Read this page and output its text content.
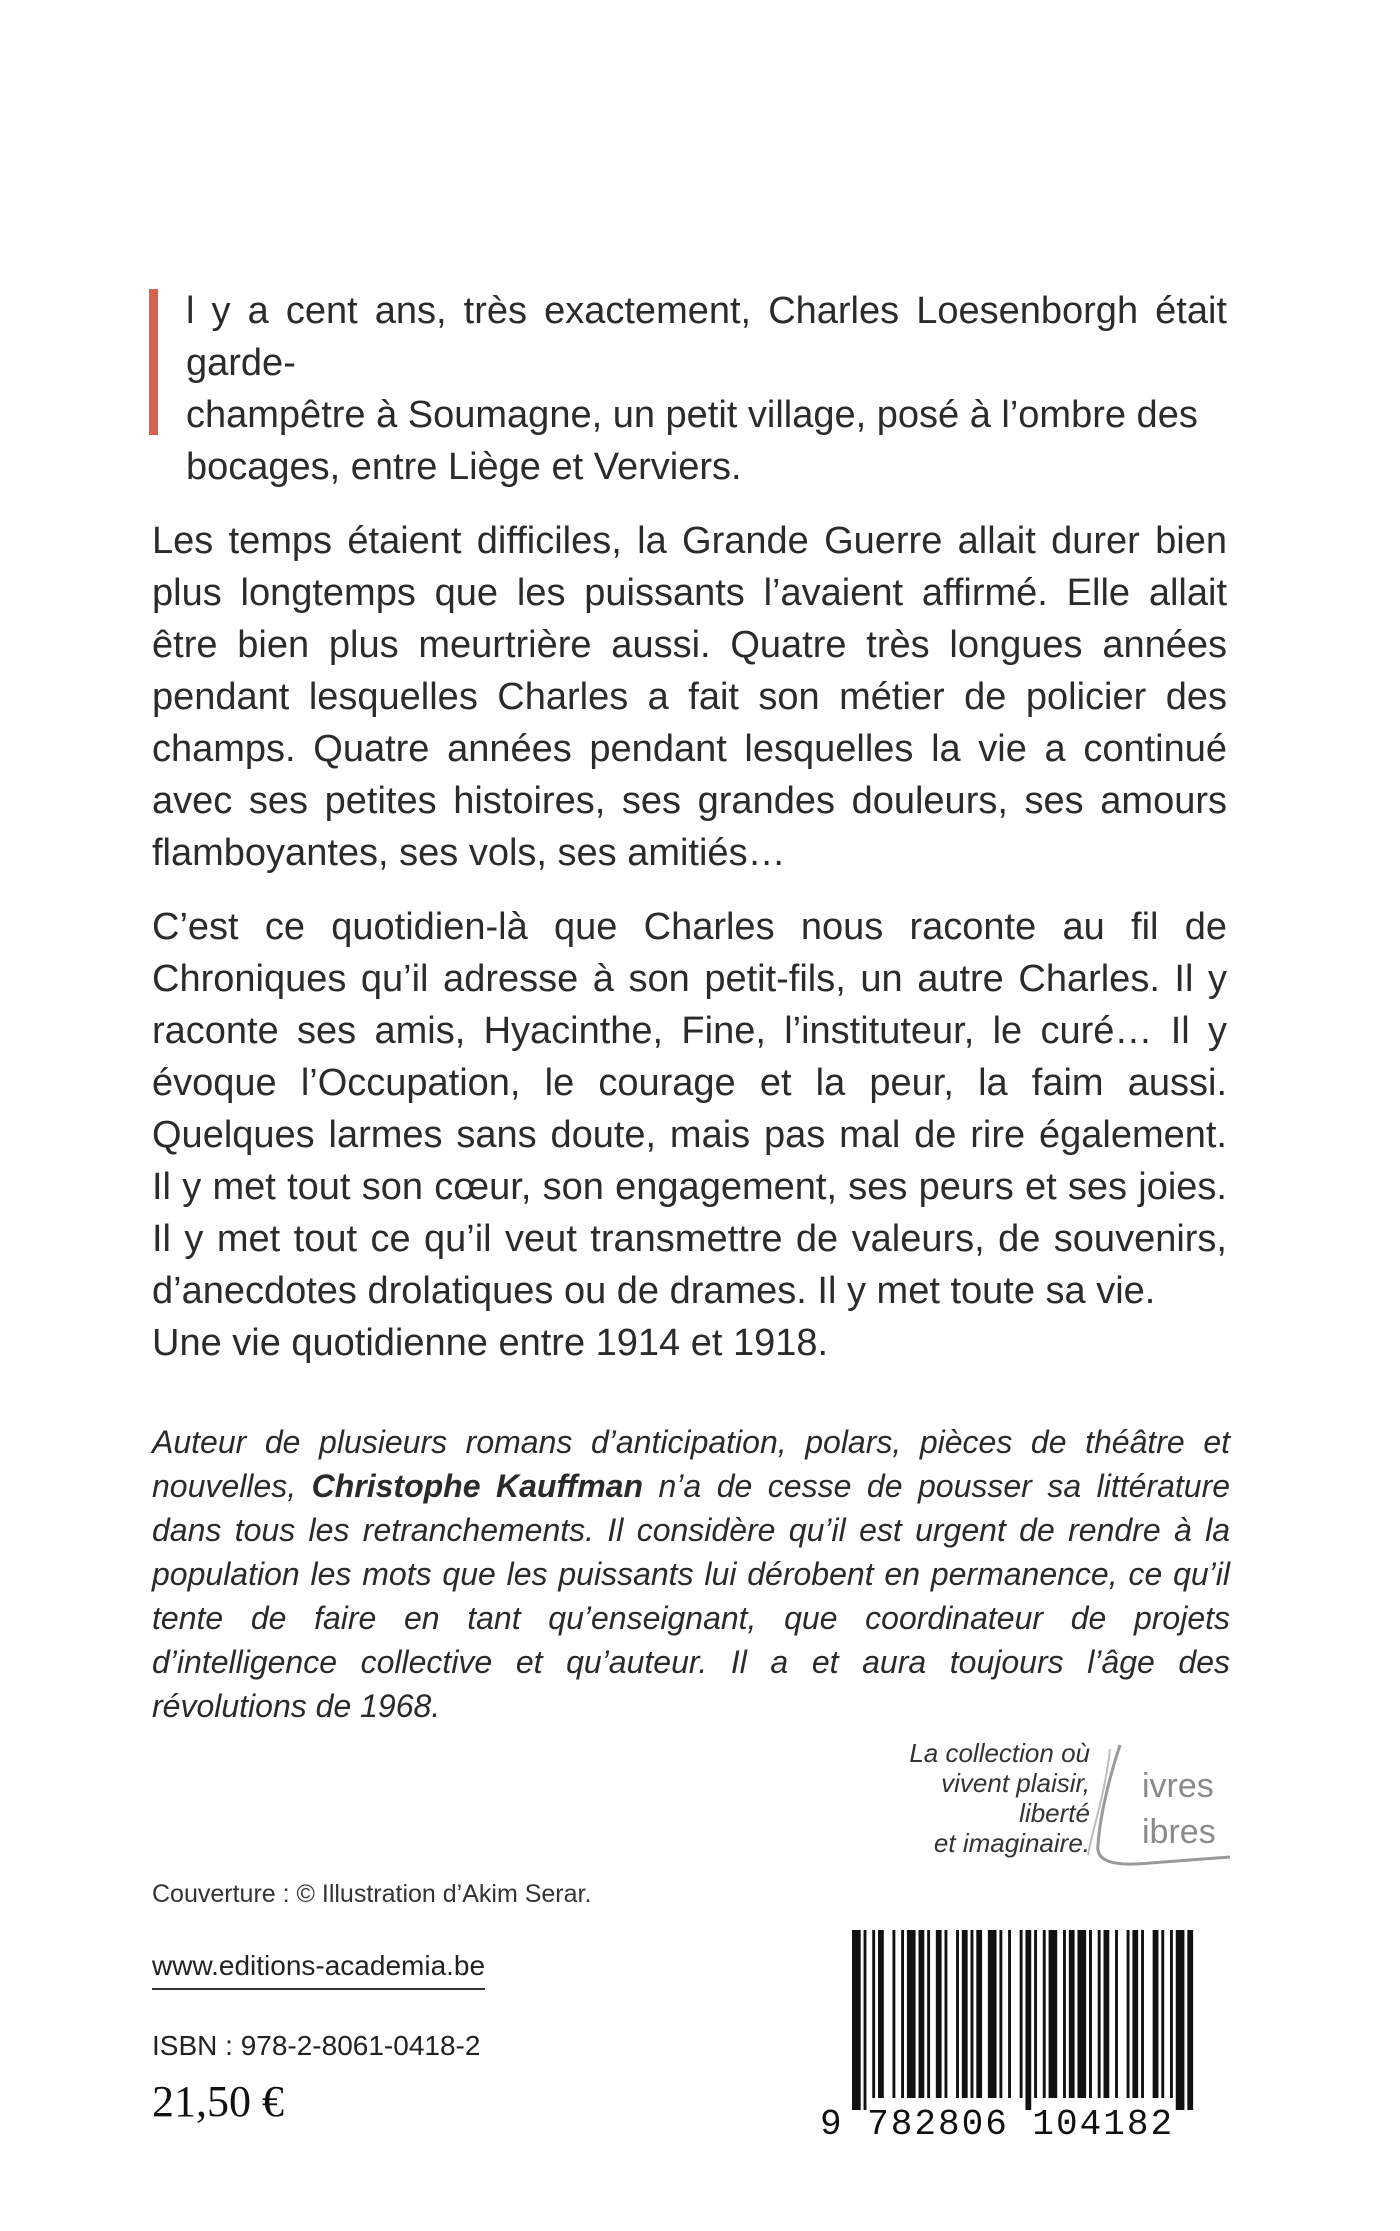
l y a cent ans, très exactement, Charles Loesenborgh était garde-
champêtre à Soumagne, un petit village, posé à l’ombre des
bocages, entre Liège et Verviers.

Les temps étaient difficiles, la Grande Guerre allait durer bien plus longtemps que les puissants l’avaient affirmé. Elle allait être bien plus meurtrière aussi. Quatre très longues années pendant lesquelles Charles a fait son métier de policier des champs. Quatre années pendant lesquelles la vie a continué avec ses petites histoires, ses grandes douleurs, ses amours flamboyantes, ses vols, ses amitiés…

C’est ce quotidien-là que Charles nous raconte au fil de Chroniques qu’il adresse à son petit-fils, un autre Charles. Il y raconte ses amis, Hyacinthe, Fine, l’instituteur, le curé… Il y évoque l’Occupation, le courage et la peur, la faim aussi. Quelques larmes sans doute, mais pas mal de rire également. Il y met tout son cœur, son engagement, ses peurs et ses joies. Il y met tout ce qu’il veut transmettre de valeurs, de souvenirs, d’anecdotes drolatiques ou de drames. Il y met toute sa vie.
Une vie quotidienne entre 1914 et 1918.

Auteur de plusieurs romans d’anticipation, polars, pièces de théâtre et nouvelles, Christophe Kauffman n’a de cesse de pousser sa littérature dans tous les retranchements. Il considère qu’il est urgent de rendre à la population les mots que les puissants lui dérobent en permanence, ce qu’il tente de faire en tant qu’enseignant, que coordinateur de projets d’intelligence collective et qu’auteur. Il a et aura toujours l’âge des révolutions de 1968.
La collection où
vivent plaisir, liberté
et imaginaire.
ivres
ibres
Couverture : © Illustration d’Akim Serar.
www.editions-academia.be
ISBN : 978-2-8061-0418-2
21,50 €	9 782806 104182
